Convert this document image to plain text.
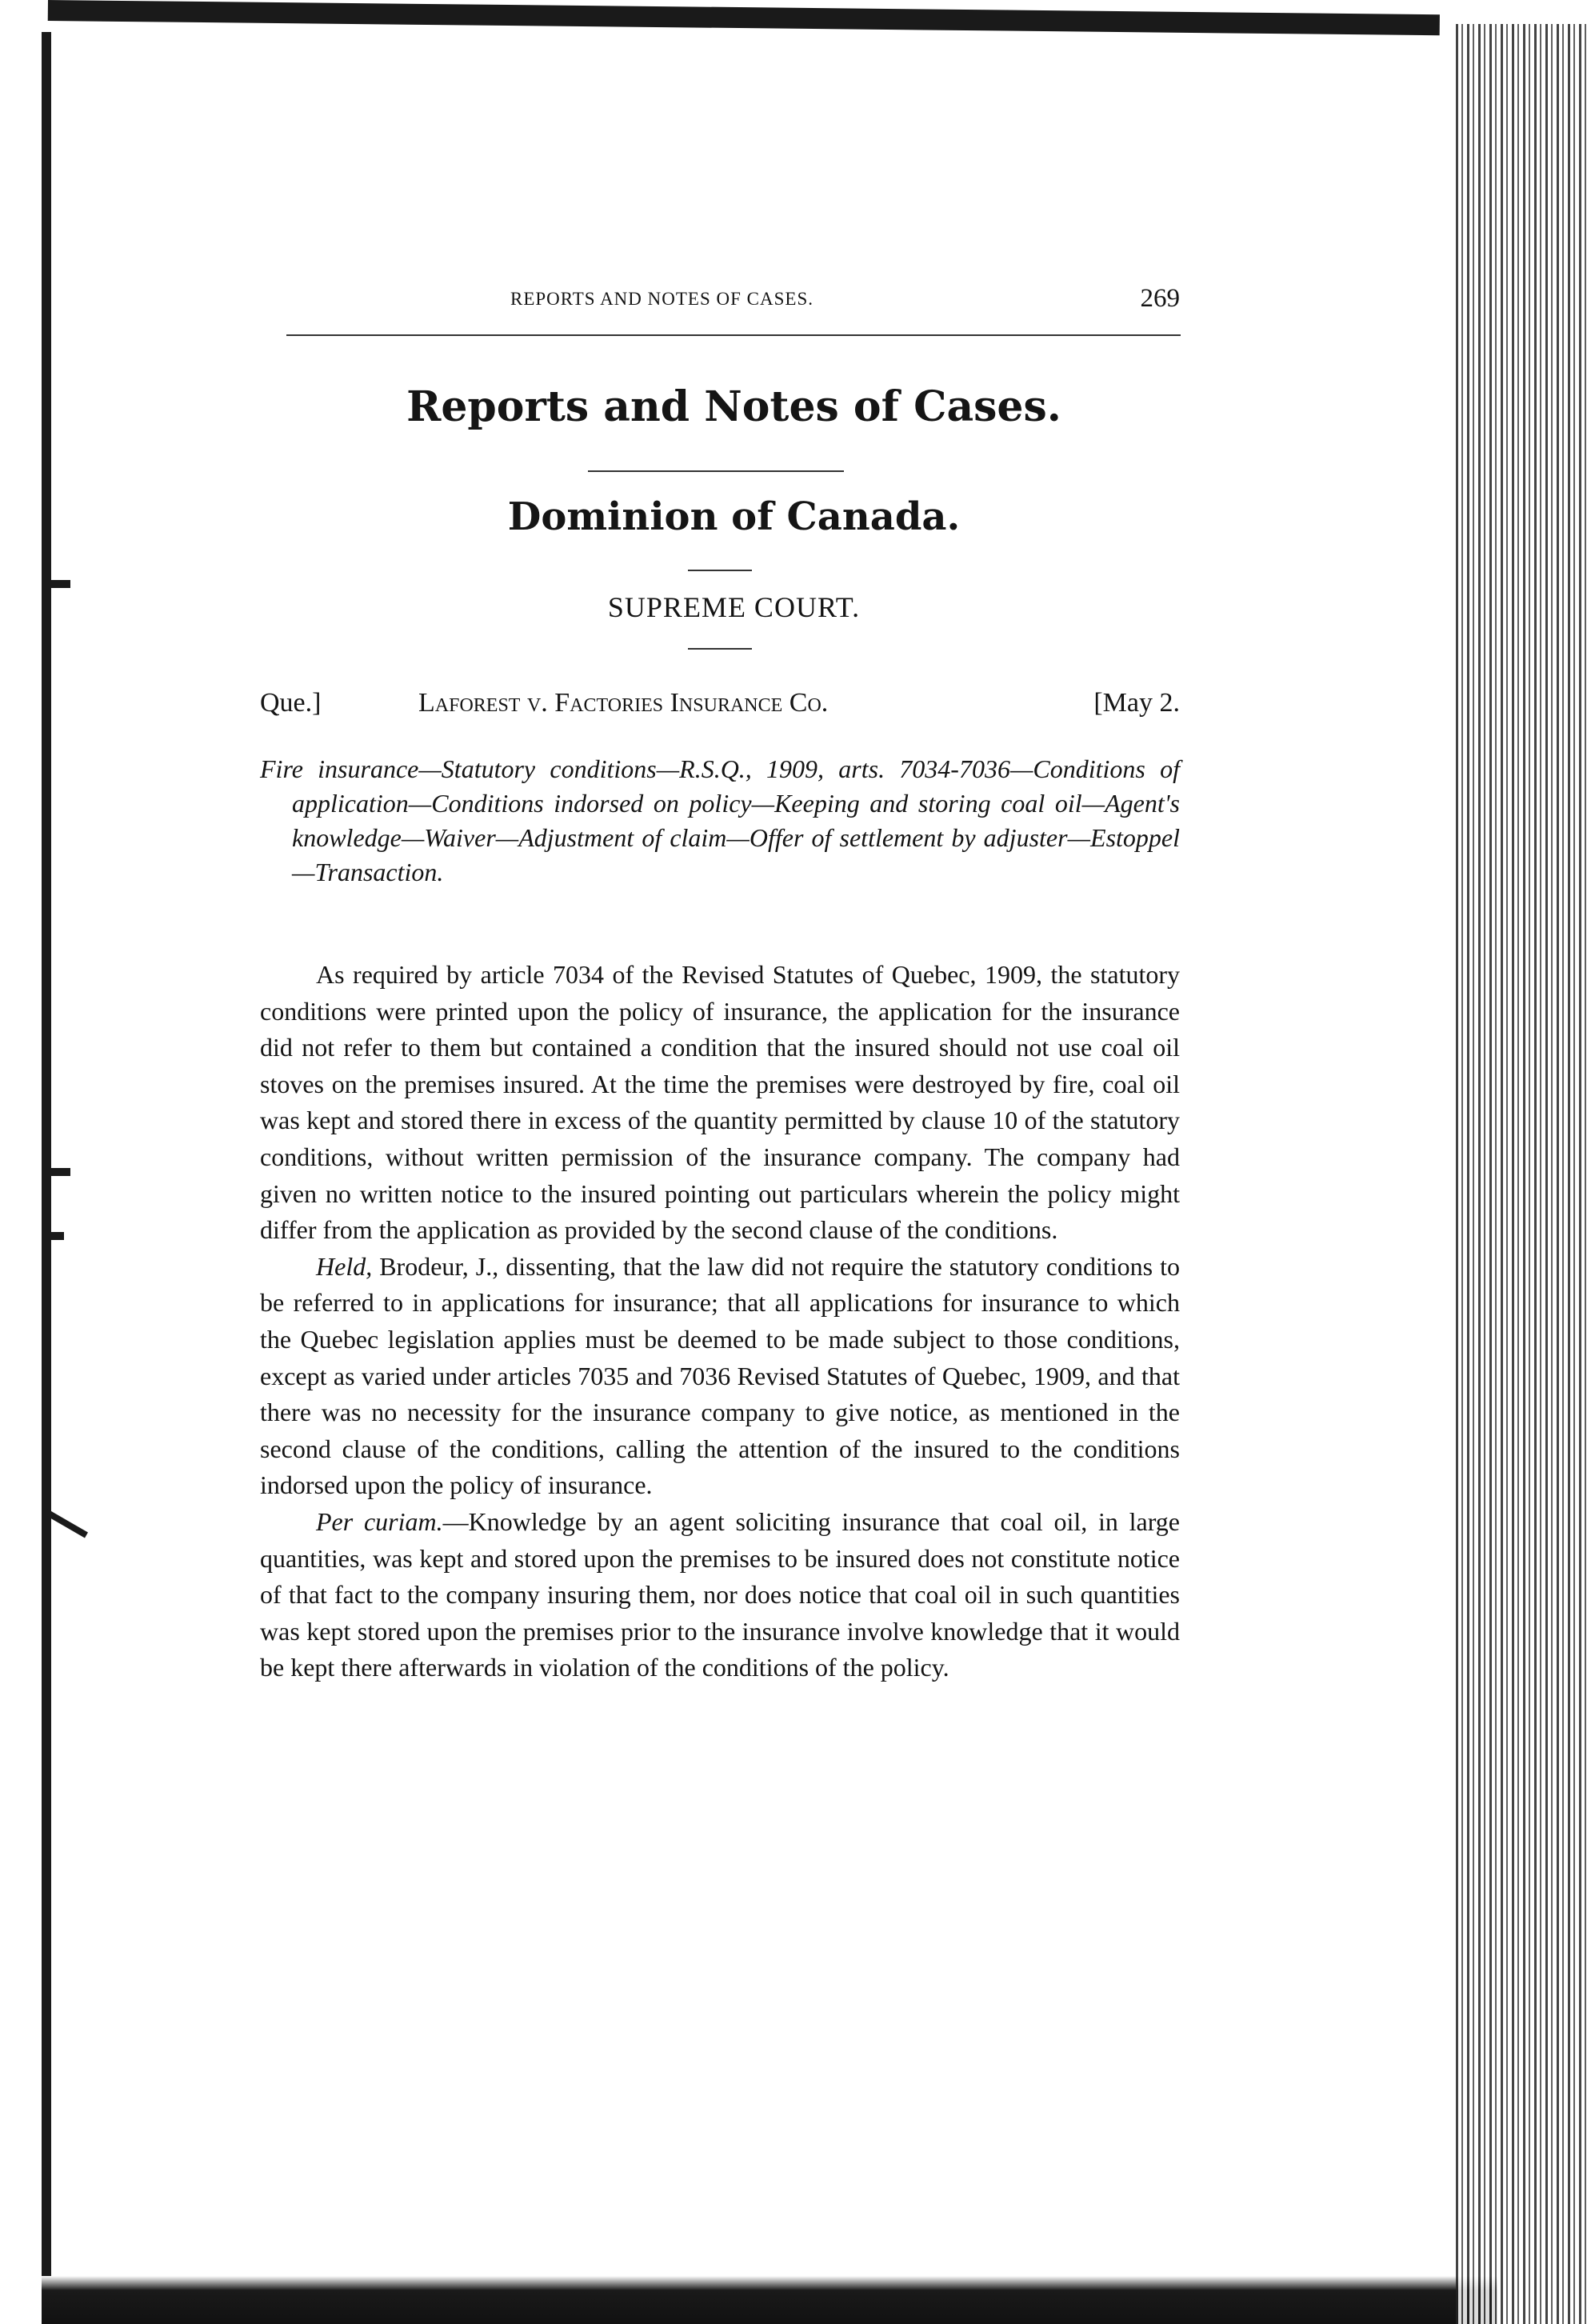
REPORTS AND NOTES OF CASES.	269
Reports and Notes of Cases.
Dominion of Canada.
SUPREME COURT.
Que.]	Laforest v. Factories Insurance Co.	[May 2.
Fire insurance—Statutory conditions—R.S.Q., 1909, arts. 7034-7036—Conditions of application—Conditions indorsed on policy—Keeping and storing coal oil—Agent's knowledge—Waiver—Adjustment of claim—Offer of settlement by adjuster—Estoppel—Transaction.

As required by article 7034 of the Revised Statutes of Quebec, 1909, the statutory conditions were printed upon the policy of insurance, the application for the insurance did not refer to them but contained a condition that the insured should not use coal oil stoves on the premises insured. At the time the premises were destroyed by fire, coal oil was kept and stored there in excess of the quantity permitted by clause 10 of the statutory conditions, without written permission of the insurance company. The company had given no written notice to the insured pointing out particulars wherein the policy might differ from the application as provided by the second clause of the conditions.

Held, Brodeur, J., dissenting, that the law did not require the statutory conditions to be referred to in applications for insurance; that all applications for insurance to which the Quebec legislation applies must be deemed to be made subject to those conditions, except as varied under articles 7035 and 7036 Revised Statutes of Quebec, 1909, and that there was no necessity for the insurance company to give notice, as mentioned in the second clause of the conditions, calling the attention of the insured to the conditions indorsed upon the policy of insurance.

Per curiam.—Knowledge by an agent soliciting insurance that coal oil, in large quantities, was kept and stored upon the premises to be insured does not constitute notice of that fact to the company insuring them, nor does notice that coal oil in such quantities was kept stored upon the premises prior to the insurance involve knowledge that it would be kept there afterwards in violation of the conditions of the policy.
